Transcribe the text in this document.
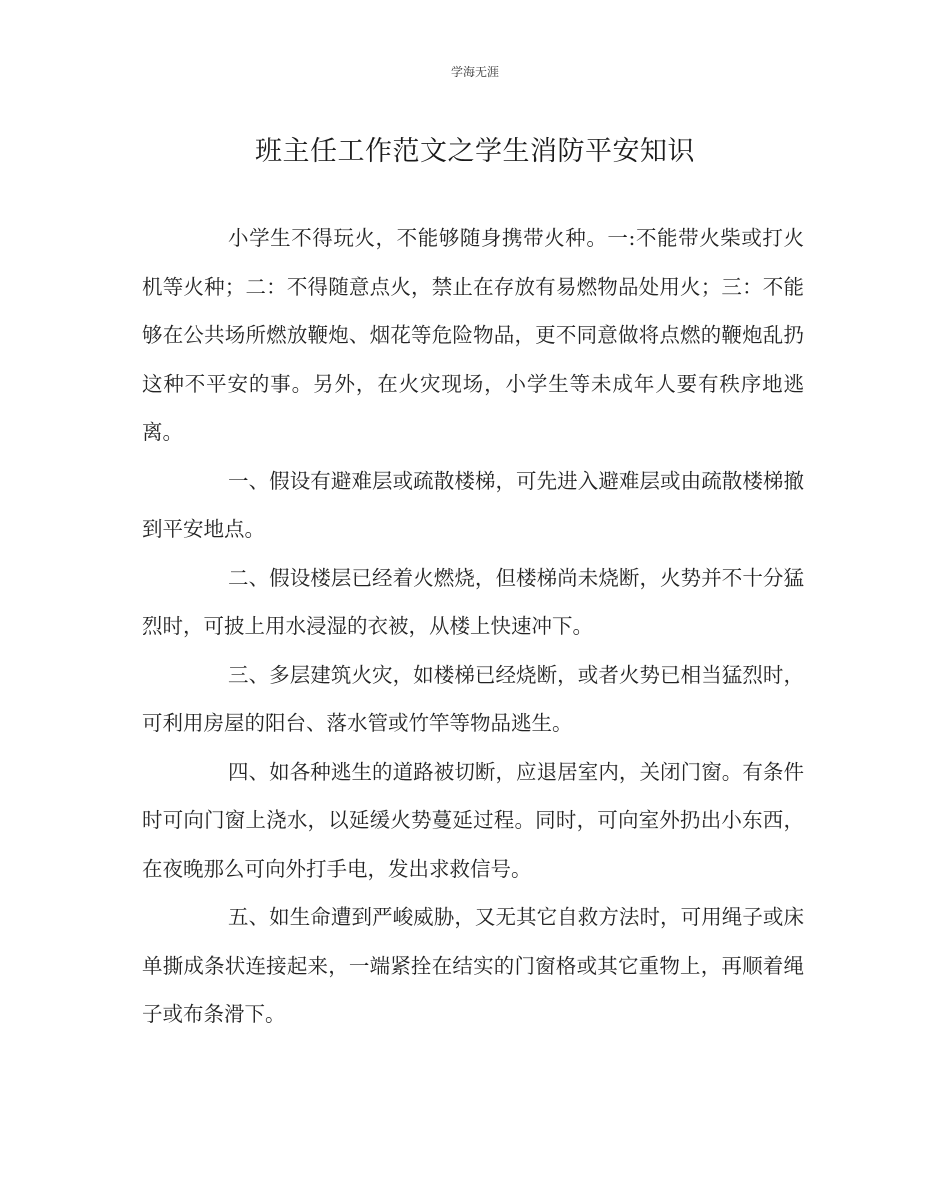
学海无涯
班主任工作范文之学生消防平安知识

小学生不得玩火，不能够随身携带火种。一:不能带火柴或打火机等火种；二：不得随意点火，禁止在存放有易燃物品处用火；三：不能够在公共场所燃放鞭炮、烟花等危险物品，更不同意做将点燃的鞭炮乱扔这种不平安的事。另外，在火灾现场，小学生等未成年人要有秩序地逃离。

一、假设有避难层或疏散楼梯，可先进入避难层或由疏散楼梯撤到平安地点。

二、假设楼层已经着火燃烧，但楼梯尚未烧断，火势并不十分猛烈时，可披上用水浸湿的衣被，从楼上快速冲下。

三、多层建筑火灾，如楼梯已经烧断，或者火势已相当猛烈时，可利用房屋的阳台、落水管或竹竿等物品逃生。

四、如各种逃生的道路被切断，应退居室内，关闭门窗。有条件时可向门窗上浇水，以延缓火势蔓延过程。同时，可向室外扔出小东西，在夜晚那么可向外打手电，发出求救信号。

五、如生命遭到严峻威胁，又无其它自救方法时，可用绳子或床单撕成条状连接起来，一端紧拴在结实的门窗格或其它重物上，再顺着绳子或布条滑下。
